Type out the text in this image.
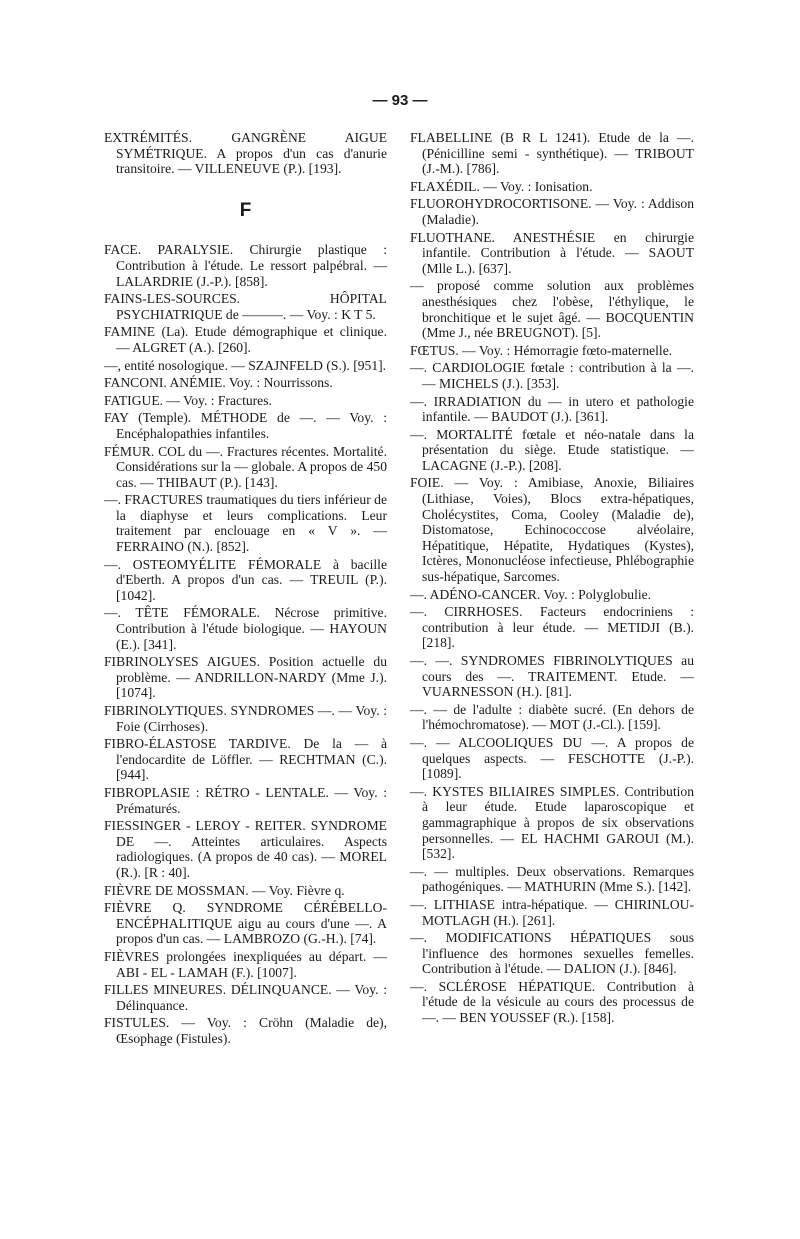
— 93 —

EXTRÉMITÉS. GANGRÈNE AIGUE SYMÉTRIQUE. A propos d'un cas d'anurie transitoire. — VILLENEUVE (P.). [193].

F

FACE. PARALYSIE. Chirurgie plastique : Contribution à l'étude. Le ressort palpébral. — LALARDRIE (J.-P.). [858].

FAINS-LES-SOURCES. HÔPITAL PSYCHIATRIQUE de ———. — Voy. : K T 5.

FAMINE (La). Etude démographique et clinique. — ALGRET (A.). [260].

—, entité nosologique. — SZAJNFELD (S.). [951].

FANCONI. ANÉMIE. Voy. : Nourrissons.

FATIGUE. — Voy. : Fractures.

FAY (Temple). MÉTHODE de —. — Voy. : Encéphalopathies infantiles.

FÉMUR. COL du —. Fractures récentes. Mortalité. Considérations sur la — globale. A propos de 450 cas. — THIBAUT (P.). [143].

—. FRACTURES traumatiques du tiers inférieur de la diaphyse et leurs complications. Leur traitement par enclouage en « V ». — FERRAINO (N.). [852].

—. OSTEOMYÉLITE FÉMORALE à bacille d'Eberth. A propos d'un cas. — TREUIL (P.). [1042].

—. TÊTE FÉMORALE. Nécrose primitive. Contribution à l'étude biologique. — HAYOUN (E.). [341].

FIBRINOLYSES AIGUES. Position actuelle du problème. — ANDRILLON-NARDY (Mme J.). [1074].

FIBRINOLYTIQUES. SYNDROMES —. — Voy. : Foie (Cirrhoses).

FIBRO-ÉLASTOSE TARDIVE. De la — à l'endocardite de Löffler. — RECHTMAN (C.). [944].

FIBROPLASIE : RÉTRO - LENTALE. — Voy. : Prématurés.

FIESSINGER - LEROY - REITER. SYNDROME DE —. Atteintes articulaires. Aspects radiologiques. (A propos de 40 cas). — MOREL (R.). [R : 40].

FIÈVRE DE MOSSMAN. — Voy. Fièvre q.

FIÈVRE Q. SYNDROME CÉRÉBELLO-ENCÉPHALITIQUE aigu au cours d'une —. A propos d'un cas. — LAMBROZO (G.-H.). [74].

FIÈVRES prolongées inexpliquées au départ. — ABI - EL - LAMAH (F.). [1007].

FILLES MINEURES. DÉLINQUANCE. — Voy. : Délinquance.

FISTULES. — Voy. : Cröhn (Maladie de), Œsophage (Fistules).

FLABELLINE (B R L 1241). Etude de la —. (Pénicilline semi - synthétique). — TRIBOUT (J.-M.). [786].

FLAXÉDIL. — Voy. : Ionisation.

FLUOROHYDROCORTISONE. — Voy. : Addison (Maladie).

FLUOTHANE. ANESTHÉSIE en chirurgie infantile. Contribution à l'étude. — SAOUT (Mlle L.). [637].

— proposé comme solution aux problèmes anesthésiques chez l'obèse, l'éthylique, le bronchitique et le sujet âgé. — BOCQUENTIN (Mme J., née BREUGNOT). [5].

FŒTUS. — Voy. : Hémorragie fœto-maternelle.

—. CARDIOLOGIE fœtale : contribution à la —. — MICHELS (J.). [353].

—. IRRADIATION du — in utero et pathologie infantile. — BAUDOT (J.). [361].

—. MORTALITÉ fœtale et néo-natale dans la présentation du siège. Etude statistique. — LACAGNE (J.-P.). [208].

FOIE. — Voy. : Amibiase, Anoxie, Biliaires (Lithiase, Voies), Blocs extra-hépatiques, Cholécystites, Coma, Cooley (Maladie de), Distomatose, Echinococcose alvéolaire, Hépatitique, Hépatite, Hydatiques (Kystes), Ictères, Mononucléose infectieuse, Phlébographie sus-hépatique, Sarcomes.

—. ADÉNO-CANCER. Voy. : Polyglobulie.

—. CIRRHOSES. Facteurs endocriniens : contribution à leur étude. — METIDJI (B.). [218].

—. —. SYNDROMES FIBRINOLYTIQUES au cours des —. TRAITEMENT. Etude. — VUARNESSON (H.). [81].

—. — de l'adulte : diabète sucré. (En dehors de l'hémochromatose). — MOT (J.-Cl.). [159].

—. — ALCOOLIQUES DU —. A propos de quelques aspects. — FESCHOTTE (J.-P.). [1089].

—. KYSTES BILIAIRES SIMPLES. Contribution à leur étude. Etude laparoscopique et gammagraphique à propos de six observations personnelles. — EL HACHMI GAROUI (M.). [532].

—. — multiples. Deux observations. Remarques pathogéniques. — MATHURIN (Mme S.). [142].

—. LITHIASE intra-hépatique. — CHIRINLOU-MOTLAGH (H.). [261].

—. MODIFICATIONS HÉPATIQUES sous l'influence des hormones sexuelles femelles. Contribution à l'étude. — DALION (J.). [846].

—. SCLÉROSE HÉPATIQUE. Contribution à l'étude de la vésicule au cours des processus de —. — BEN YOUSSEF (R.). [158].
